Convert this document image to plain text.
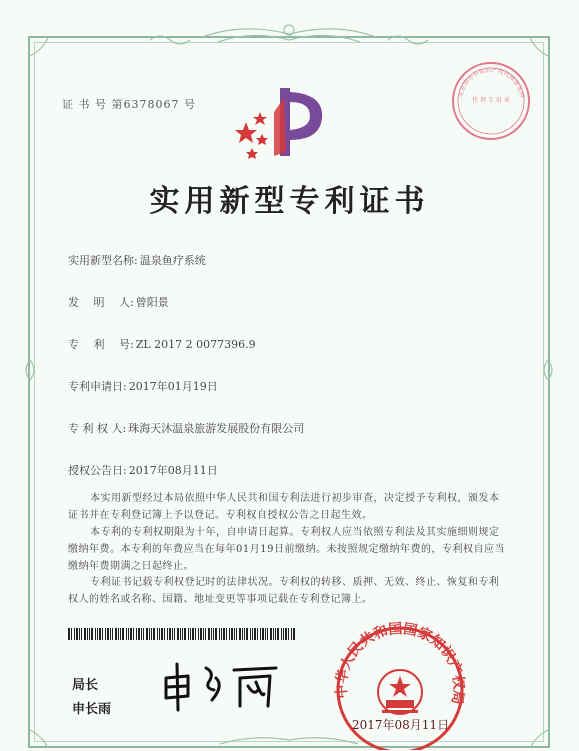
证 书 号 第6378067 号
北京清亦华知识产权代理事务所
代 理 专 用 章
实用新型专利证书
实用新型名称: 温泉鱼疗系统
发　 明　 人: 曾阳景
专　 利　 号: ZL 2017 2 0077396.9
专利申请日: 2017年01月19日
专 利 权 人: 珠海天沐温泉旅游发展股份有限公司
授权公告日: 2017年08月11日
本实用新型经过本局依照中华人民共和国专利法进行初步审查，决定授予专利权，颁发本证书并在专利登记簿上予以登记。专利权自授权公告之日起生效。
本专利的专利权期限为十年，自申请日起算。专利权人应当依照专利法及其实施细则规定缴纳年费。本专利的年费应当在每年01月19日前缴纳。未按照规定缴纳年费的，专利权自应当缴纳年费期满之日起终止。
专利证书记载专利权登记时的法律状况。专利权的转移、质押、无效、终止、恢复和专利权人的姓名或名称、国籍、地址变更等事项记载在专利登记簿上。
局长
申长雨
中华人民共和国国家知识产权局
2017年08月11日
